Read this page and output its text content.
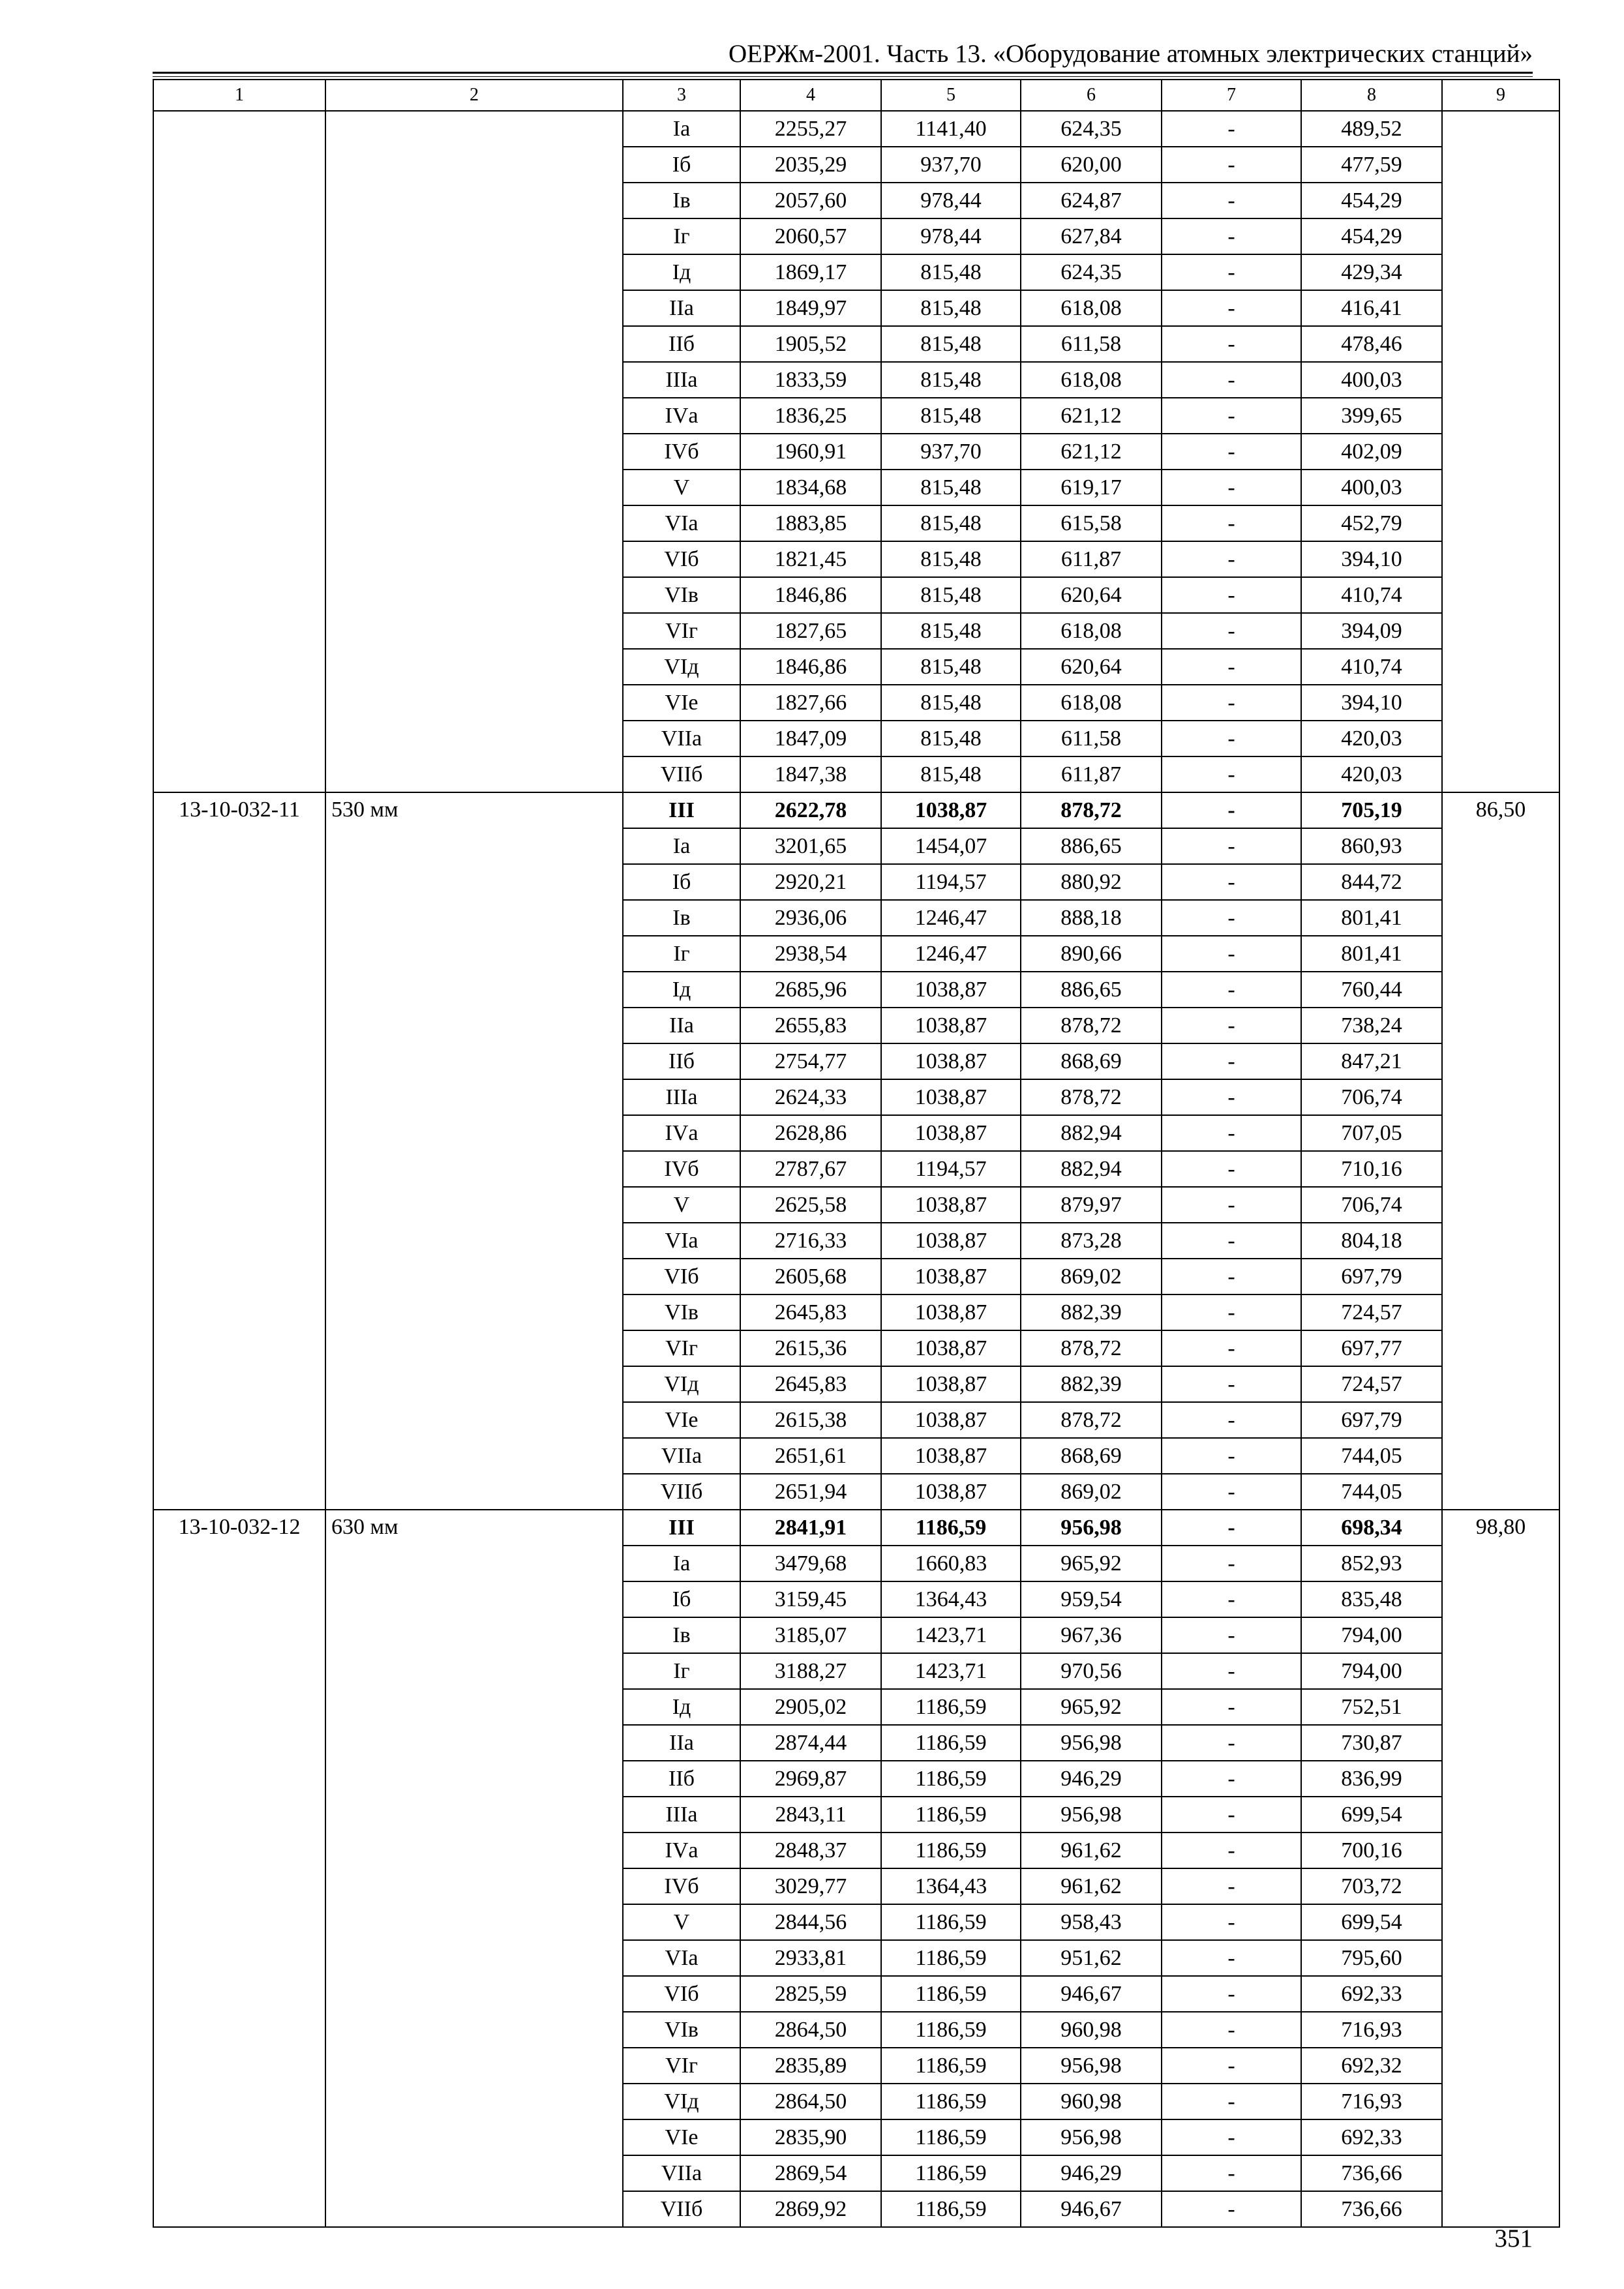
ОЕРЖм-2001. Часть 13. «Оборудование атомных электрических станций»
1	2	3	4	5	6	7	8	9
		Iа	2255,27	1141,40	624,35	-	489,52	
		Iб	2035,29	937,70	620,00	-	477,59	
		Iв	2057,60	978,44	624,87	-	454,29	
		Iг	2060,57	978,44	627,84	-	454,29	
		Iд	1869,17	815,48	624,35	-	429,34	
		IIа	1849,97	815,48	618,08	-	416,41	
		IIб	1905,52	815,48	611,58	-	478,46	
		IIIа	1833,59	815,48	618,08	-	400,03	
		IVа	1836,25	815,48	621,12	-	399,65	
		IVб	1960,91	937,70	621,12	-	402,09	
		V	1834,68	815,48	619,17	-	400,03	
		VIа	1883,85	815,48	615,58	-	452,79	
		VIб	1821,45	815,48	611,87	-	394,10	
		VIв	1846,86	815,48	620,64	-	410,74	
		VIг	1827,65	815,48	618,08	-	394,09	
		VIд	1846,86	815,48	620,64	-	410,74	
		VIе	1827,66	815,48	618,08	-	394,10	
		VIIа	1847,09	815,48	611,58	-	420,03	
		VIIб	1847,38	815,48	611,87	-	420,03	
13-10-032-11	530 мм	III	2622,78	1038,87	878,72	-	705,19	86,50
		Iа	3201,65	1454,07	886,65	-	860,93	
		Iб	2920,21	1194,57	880,92	-	844,72	
		Iв	2936,06	1246,47	888,18	-	801,41	
		Iг	2938,54	1246,47	890,66	-	801,41	
		Iд	2685,96	1038,87	886,65	-	760,44	
		IIа	2655,83	1038,87	878,72	-	738,24	
		IIб	2754,77	1038,87	868,69	-	847,21	
		IIIа	2624,33	1038,87	878,72	-	706,74	
		IVа	2628,86	1038,87	882,94	-	707,05	
		IVб	2787,67	1194,57	882,94	-	710,16	
		V	2625,58	1038,87	879,97	-	706,74	
		VIа	2716,33	1038,87	873,28	-	804,18	
		VIб	2605,68	1038,87	869,02	-	697,79	
		VIв	2645,83	1038,87	882,39	-	724,57	
		VIг	2615,36	1038,87	878,72	-	697,77	
		VIд	2645,83	1038,87	882,39	-	724,57	
		VIе	2615,38	1038,87	878,72	-	697,79	
		VIIа	2651,61	1038,87	868,69	-	744,05	
		VIIб	2651,94	1038,87	869,02	-	744,05	
13-10-032-12	630 мм	III	2841,91	1186,59	956,98	-	698,34	98,80
		Iа	3479,68	1660,83	965,92	-	852,93	
		Iб	3159,45	1364,43	959,54	-	835,48	
		Iв	3185,07	1423,71	967,36	-	794,00	
		Iг	3188,27	1423,71	970,56	-	794,00	
		Iд	2905,02	1186,59	965,92	-	752,51	
		IIа	2874,44	1186,59	956,98	-	730,87	
		IIб	2969,87	1186,59	946,29	-	836,99	
		IIIа	2843,11	1186,59	956,98	-	699,54	
		IVа	2848,37	1186,59	961,62	-	700,16	
		IVб	3029,77	1364,43	961,62	-	703,72	
		V	2844,56	1186,59	958,43	-	699,54	
		VIа	2933,81	1186,59	951,62	-	795,60	
		VIб	2825,59	1186,59	946,67	-	692,33	
		VIв	2864,50	1186,59	960,98	-	716,93	
		VIг	2835,89	1186,59	956,98	-	692,32	
		VIд	2864,50	1186,59	960,98	-	716,93	
		VIе	2835,90	1186,59	956,98	-	692,33	
		VIIа	2869,54	1186,59	946,29	-	736,66	
		VIIб	2869,92	1186,59	946,67	-	736,66	
351
